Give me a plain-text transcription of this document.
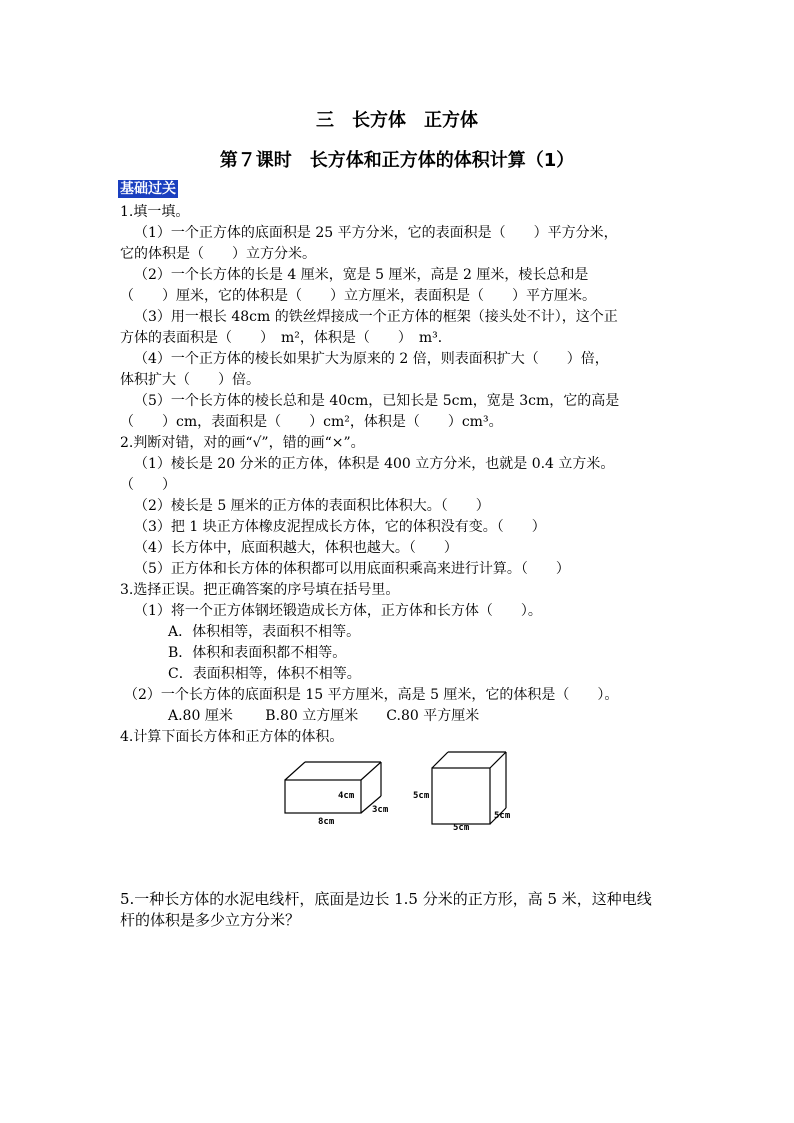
三　长方体　正方体
第７课时　长方体和正方体的体积计算（1）
基础过关
1.填一填。
（1）一个正方体的底面积是 25 平方分米，它的表面积是（　　）平方分米，
它的体积是（　　）立方分米。
（2）一个长方体的长是 4 厘米，宽是 5 厘米，高是 2 厘米，棱长总和是
（　　）厘米，它的体积是（　　）立方厘米，表面积是（　　）平方厘米。
（3）用一根长 48cm 的铁丝焊接成一个正方体的框架（接头处不计），这个正
方体的表面积是（　　）　m²，体积是（　　）　m³．
（4）一个正方体的棱长如果扩大为原来的 2 倍，则表面积扩大（　　）倍，
体积扩大（　　）倍。
（5）一个长方体的棱长总和是 40cm，已知长是 5cm，宽是 3cm，它的高是
（　　）cm，表面积是（　　）cm²，体积是（　　）cm³。
2.判断对错，对的画“√”，错的画“×”。
（1）棱长是 20 分米的正方体，体积是 400 立方分米，也就是 0.4 立方米。
（　　）
（2）棱长是 5 厘米的正方体的表面积比体积大。（　　）
（3）把 1 块正方体橡皮泥捏成长方体，它的体积没有变。（　　）
（4）长方体中，底面积越大，体积也越大。（　　）
（5）正方体和长方体的体积都可以用底面积乘高来进行计算。（　　）
3.选择正误。把正确答案的序号填在括号里。
（1）将一个正方体钢坯锻造成长方体，正方体和长方体（　　）。
A．体积相等，表面积不相等。
B．体积和表面积都不相等。
C．表面积相等，体积不相等。
（2）一个长方体的底面积是 15 平方厘米，高是 5 厘米，它的体积是（　　）。
A.80 厘米　　 B.80 立方厘米　　C.80 平方厘米
4.计算下面长方体和正方体的体积。
4cm
3cm
8cm
5cm
5cm
5cm
5.一种长方体的水泥电线杆，底面是边长 1.5 分米的正方形，高 5 米，这种电线
杆的体积是多少立方分米？
